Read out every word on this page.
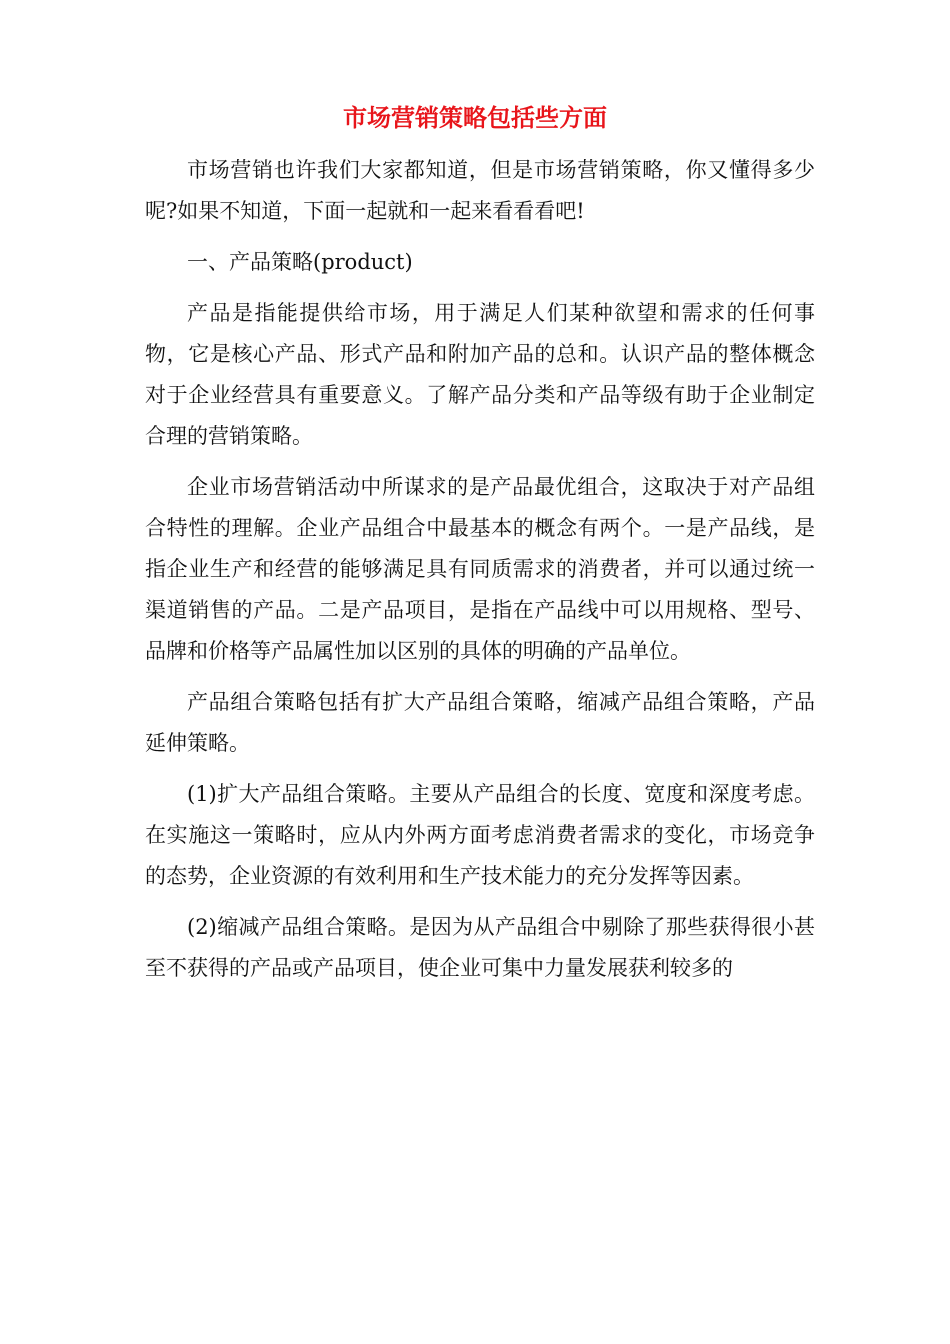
市场营销策略包括些方面

市场营销也许我们大家都知道，但是市场营销策略，你又懂得多少呢?如果不知道，下面一起就和一起来看看看吧!

一、产品策略(product)

产品是指能提供给市场，用于满足人们某种欲望和需求的任何事物，它是核心产品、形式产品和附加产品的总和。认识产品的整体概念对于企业经营具有重要意义。了解产品分类和产品等级有助于企业制定合理的营销策略。

企业市场营销活动中所谋求的是产品最优组合，这取决于对产品组合特性的理解。企业产品组合中最基本的概念有两个。一是产品线，是指企业生产和经营的能够满足具有同质需求的消费者，并可以通过统一渠道销售的产品。二是产品项目，是指在产品线中可以用规格、型号、品牌和价格等产品属性加以区别的具体的明确的产品单位。

产品组合策略包括有扩大产品组合策略，缩减产品组合策略，产品延伸策略。

(1)扩大产品组合策略。主要从产品组合的长度、宽度和深度考虑。在实施这一策略时，应从内外两方面考虑消费者需求的变化，市场竞争的态势，企业资源的有效利用和生产技术能力的充分发挥等因素。

(2)缩减产品组合策略。是因为从产品组合中剔除了那些获得很小甚至不获得的产品或产品项目，使企业可集中力量发展获利较多的
